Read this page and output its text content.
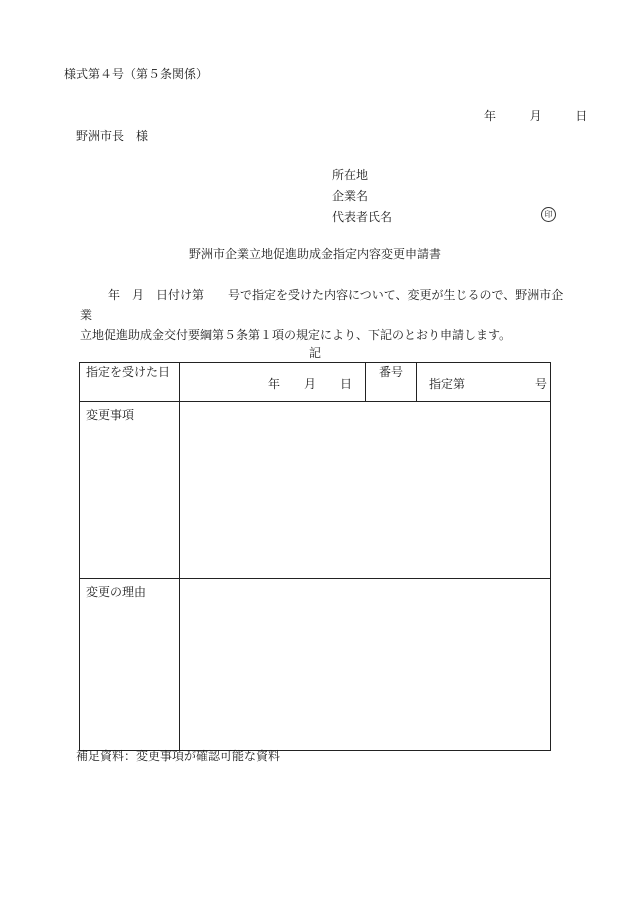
様式第４号（第５条関係）
年	月	日
野洲市長　様
所在地
企業名
代表者氏名	印
野洲市企業立地促進助成金指定内容変更申請書

年　月　日付け第　　号で指定を受けた内容について、変更が生じるので、野洲市企業

立地促進助成金交付要綱第５条第１項の規定により、下記のとおり申請します。

記
指定を受けた日	年 月 日	番号	指定第 号

変更事項			
変更の理由			
補足資料：変更事項が確認可能な資料
